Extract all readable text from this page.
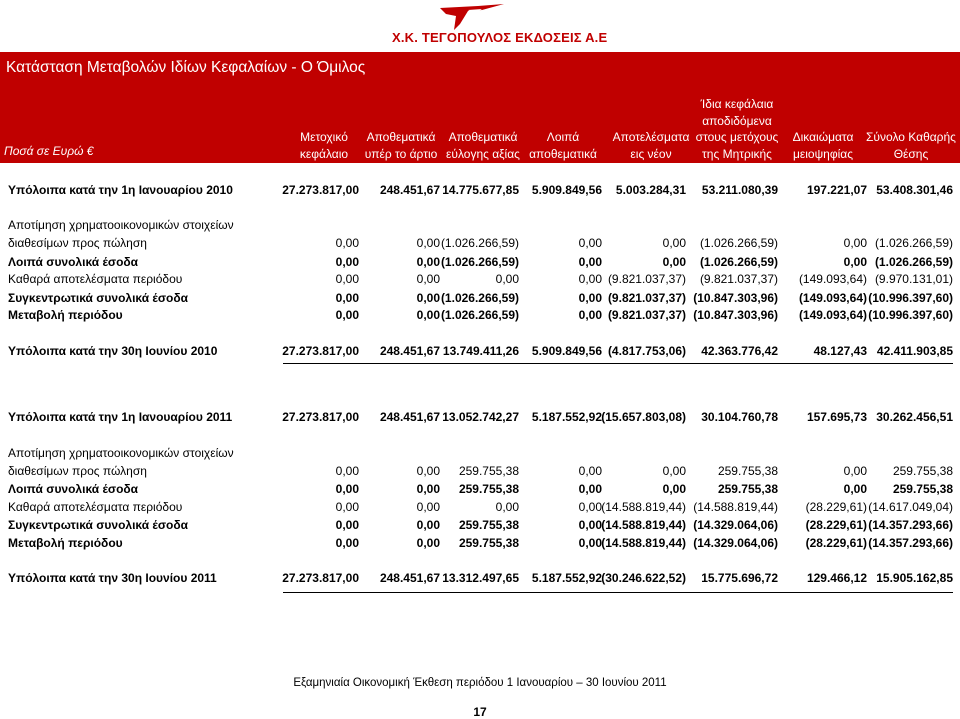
Χ.Κ. ΤΕΓΟΠΟΥΛΟΣ ΕΚΔΟΣΕΙΣ Α.Ε
Κατάσταση Μεταβολών Ιδίων Κεφαλαίων - Ο Όμιλος
Ποσά σε Ευρώ €
Μετοχικό
κεφάλαιο
Αποθεματικά
υπέρ το άρτιο
Αποθεματικά
εύλογης αξίας
Λοιπά
αποθεματικά
Αποτελέσματα
εις νέον
Ίδια κεφάλαια
αποδιδόμενα
στους μετόχους
της Μητρικής
Δικαιώματα
μειοψηφίας
Σύνολο Καθαρής
Θέσης
Υπόλοιπα κατά την 1η Ιανουαρίου 2010	27.273.817,00 248.451,67 14.775.677,85 5.909.849,56 5.003.284,31 53.211.080,39 197.221,07 53.408.301,46
Αποτίμηση χρηματοοικονομικών στοιχείων
διαθεσίμων προς πώληση	0,00	0,00 (1.026.266,59)	0,00	0,00 (1.026.266,59)	0,00 (1.026.266,59)
Λοιπά συνολικά έσοδα	0,00	0,00 (1.026.266,59)	0,00	0,00 (1.026.266,59)	0,00 (1.026.266,59)
Καθαρά αποτελέσματα περιόδου	0,00	0,00	0,00	0,00 (9.821.037,37) (9.821.037,37) (149.093,64) (9.970.131,01)
Συγκεντρωτικά συνολικά έσοδα	0,00	0,00 (1.026.266,59)	0,00 (9.821.037,37) (10.847.303,96) (149.093,64) (10.996.397,60)
Μεταβολή περιόδου	0,00	0,00 (1.026.266,59)	0,00 (9.821.037,37) (10.847.303,96) (149.093,64) (10.996.397,60)
Υπόλοιπα κατά την 30η Ιουνίου 2010	27.273.817,00 248.451,67 13.749.411,26 5.909.849,56 (4.817.753,06) 42.363.776,42	48.127,43 42.411.903,85
Υπόλοιπα κατά την 1η Ιανουαρίου 2011	27.273.817,00 248.451,67 13.052.742,27 5.187.552,92 (15.657.803,08) 30.104.760,78 157.695,73 30.262.456,51
Αποτίμηση χρηματοοικονομικών στοιχείων
διαθεσίμων προς πώληση	0,00	0,00 259.755,38	0,00	0,00	259.755,38	0,00 259.755,38
Λοιπά συνολικά έσοδα	0,00	0,00 259.755,38	0,00	0,00	259.755,38	0,00 259.755,38
Καθαρά αποτελέσματα περιόδου	0,00	0,00	0,00	0,00 (14.588.819,44) (14.588.819,44) (28.229,61) (14.617.049,04)
Συγκεντρωτικά συνολικά έσοδα	0,00	0,00 259.755,38	0,00 (14.588.819,44) (14.329.064,06) (28.229,61) (14.357.293,66)
Μεταβολή περιόδου	0,00	0,00 259.755,38	0,00 (14.588.819,44) (14.329.064,06) (28.229,61) (14.357.293,66)
Υπόλοιπα κατά την 30η Ιουνίου 2011	27.273.817,00 248.451,67 13.312.497,65 5.187.552,92 (30.246.622,52) 15.775.696,72 129.466,12 15.905.162,85
Εξαμηνιαία Οικονομική Έκθεση περιόδου 1 Ιανουαρίου – 30 Ιουνίου 2011
17
